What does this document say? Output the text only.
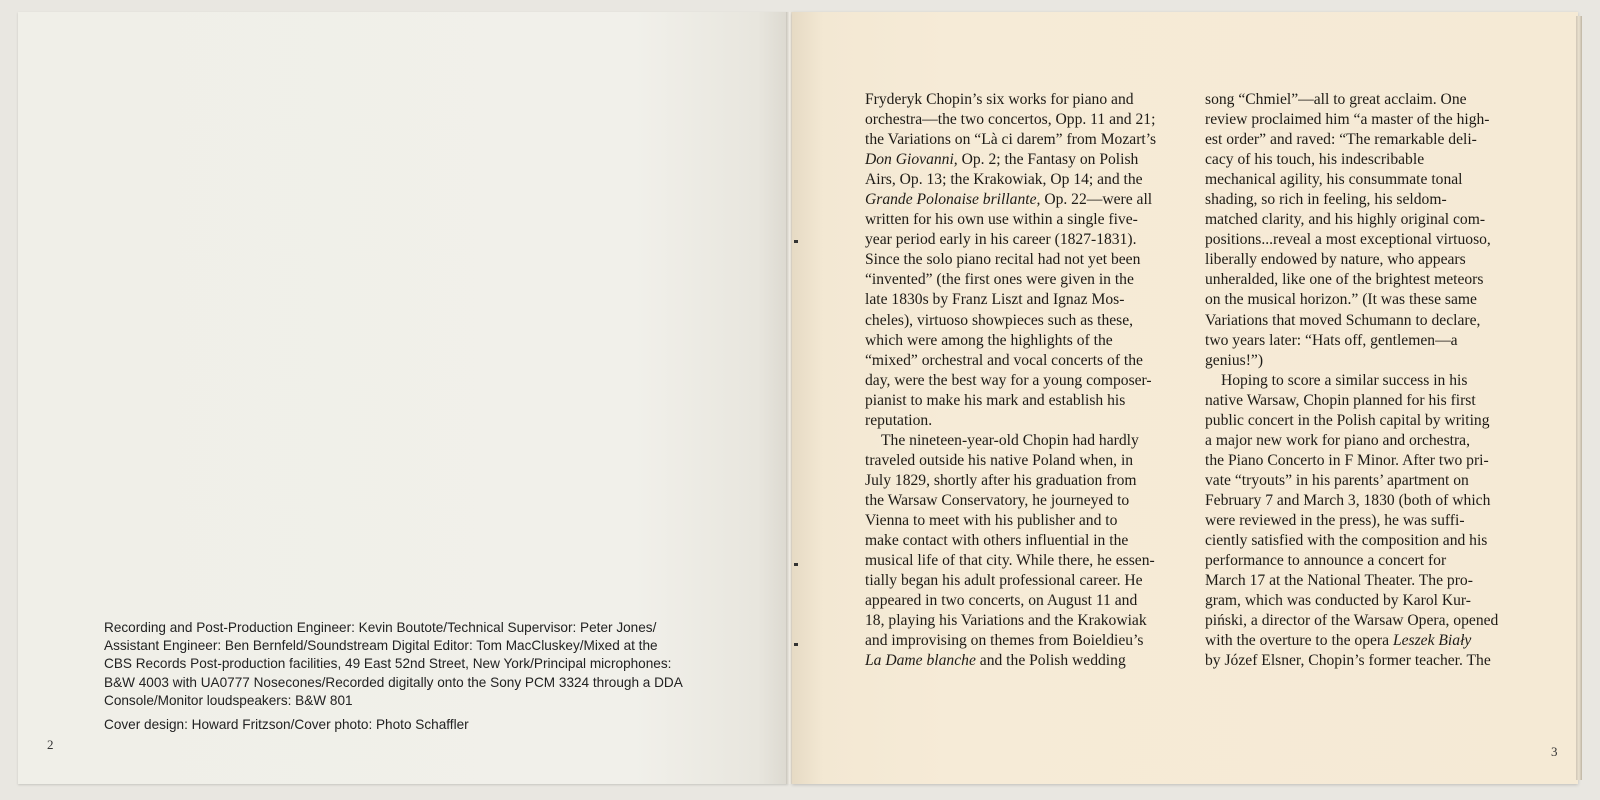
Recording and Post-Production Engineer: Kevin Boutote/Technical Supervisor: Peter Jones/
Assistant Engineer: Ben Bernfeld/Soundstream Digital Editor: Tom MacCluskey/Mixed at the
CBS Records Post-production facilities, 49 East 52nd Street, New York/Principal microphones:
B&W 4003 with UA0777 Nosecones/Recorded digitally onto the Sony PCM 3324 through a DDA
Console/Monitor loudspeakers: B&W 801
Cover design: Howard Fritzson/Cover photo: Photo Schaffler
2
Fryderyk Chopin’s six works for piano and
orchestra—the two concertos, Opp. 11 and 21;
the Variations on “Là ci darem” from Mozart’s
Don Giovanni, Op. 2; the Fantasy on Polish
Airs, Op. 13; the Krakowiak, Op 14; and the
Grande Polonaise brillante, Op. 22—were all
written for his own use within a single five-
year period early in his career (1827-1831).
Since the solo piano recital had not yet been
“invented” (the first ones were given in the
late 1830s by Franz Liszt and Ignaz Mos-
cheles), virtuoso showpieces such as these,
which were among the highlights of the
“mixed” orchestral and vocal concerts of the
day, were the best way for a young composer-
pianist to make his mark and establish his
reputation.
The nineteen-year-old Chopin had hardly
traveled outside his native Poland when, in
July 1829, shortly after his graduation from
the Warsaw Conservatory, he journeyed to
Vienna to meet with his publisher and to
make contact with others influential in the
musical life of that city. While there, he essen-
tially began his adult professional career. He
appeared in two concerts, on August 11 and
18, playing his Variations and the Krakowiak
and improvising on themes from Boieldieu’s
La Dame blanche and the Polish wedding
song “Chmiel”—all to great acclaim. One
review proclaimed him “a master of the high-
est order” and raved: “The remarkable deli-
cacy of his touch, his indescribable
mechanical agility, his consummate tonal
shading, so rich in feeling, his seldom-
matched clarity, and his highly original com-
positions...reveal a most exceptional virtuoso,
liberally endowed by nature, who appears
unheralded, like one of the brightest meteors
on the musical horizon.” (It was these same
Variations that moved Schumann to declare,
two years later: “Hats off, gentlemen—a
genius!”)
Hoping to score a similar success in his
native Warsaw, Chopin planned for his first
public concert in the Polish capital by writing
a major new work for piano and orchestra,
the Piano Concerto in F Minor. After two pri-
vate “tryouts” in his parents’ apartment on
February 7 and March 3, 1830 (both of which
were reviewed in the press), he was suffi-
ciently satisfied with the composition and his
performance to announce a concert for
March 17 at the National Theater. The pro-
gram, which was conducted by Karol Kur-
piński, a director of the Warsaw Opera, opened
with the overture to the opera Leszek Biały
by Józef Elsner, Chopin’s former teacher. The
3
